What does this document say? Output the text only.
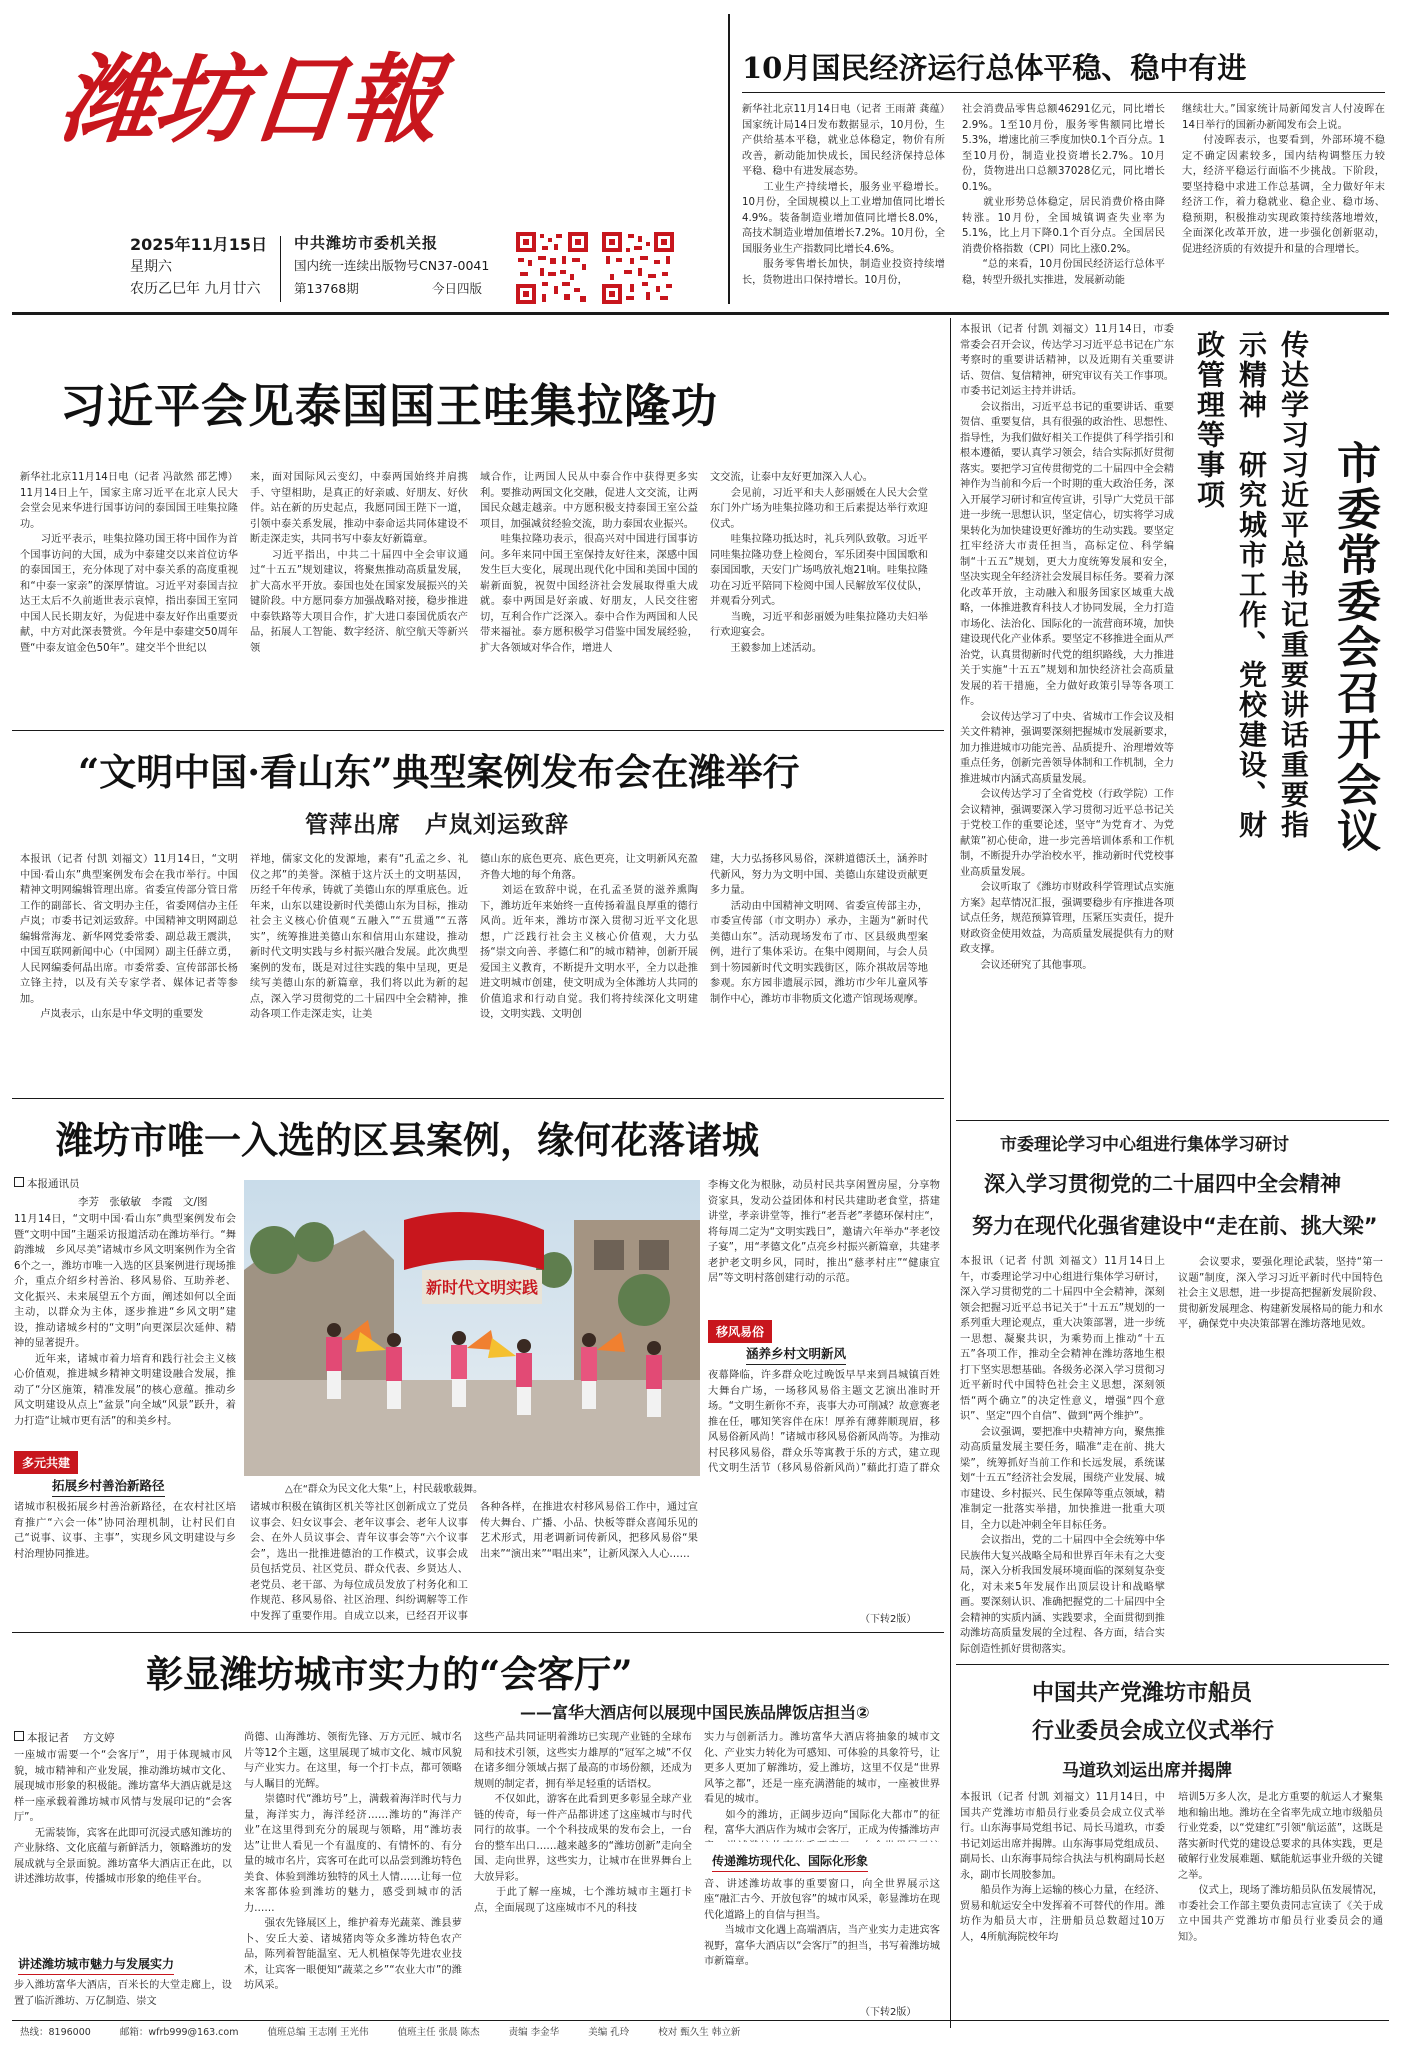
潍坊日報
2025年11月15日
星期六
农历乙巳年 九月廿六
中共潍坊市委机关报
国内统一连续出版物号CN37-0041
第13768期	今日四版
10月国民经济运行总体平稳、稳中有进
新华社北京11月14日电（记者 王雨萧 龚蕴）国家统计局14日发布数据显示，10月份，生产供给基本平稳，就业总体稳定，物价有所改善，新动能加快成长，国民经济保持总体平稳、稳中有进发展态势。
　　工业生产持续增长，服务业平稳增长。10月份，全国规模以上工业增加值同比增长4.9%。装备制造业增加值同比增长8.0%，高技术制造业增加值增长7.2%。10月份，全国服务业生产指数同比增长4.6%。
　　服务零售增长加快，制造业投资持续增长，货物进出口保持增长。10月份，
社会消费品零售总额46291亿元，同比增长2.9%。1至10月份，服务零售额同比增长5.3%，增速比前三季度加快0.1个百分点。1至10月份，制造业投资增长2.7%。10月份，货物进出口总额37028亿元，同比增长0.1%。
　　就业形势总体稳定，居民消费价格由降转涨。10月份，全国城镇调查失业率为5.1%，比上月下降0.1个百分点。全国居民消费价格指数（CPI）同比上涨0.2%。
　　“总的来看，10月份国民经济运行总体平稳，转型升级扎实推进，发展新动能
继续壮大。”国家统计局新闻发言人付凌晖在14日举行的国新办新闻发布会上说。
　　付凌晖表示，也要看到，外部环境不稳定不确定因素较多，国内结构调整压力较大，经济平稳运行面临不少挑战。下阶段，要坚持稳中求进工作总基调，全力做好年末经济工作，着力稳就业、稳企业、稳市场、稳预期，积极推动实现政策持续落地增效，全面深化改革开放，进一步强化创新驱动，促进经济质的有效提升和量的合理增长。
习近平会见泰国国王哇集拉隆功
新华社北京11月14日电（记者 冯歆然 邵艺博）11月14日上午，国家主席习近平在北京人民大会堂会见来华进行国事访问的泰国国王哇集拉隆功。
　　习近平表示，哇集拉隆功国王将中国作为首个国事访问的大国，成为中泰建交以来首位访华的泰国国王，充分体现了对中泰关系的高度重视和“中泰一家亲”的深厚情谊。习近平对泰国吉拉达王太后不久前逝世表示哀悼，指出泰国王室同中国人民长期友好，为促进中泰友好作出重要贡献，中方对此深表赞赏。今年是中泰建交50周年暨“中泰友谊金色50年”。建交半个世纪以
来，面对国际风云变幻，中泰两国始终并肩携手、守望相助，是真正的好亲戚、好朋友、好伙伴。站在新的历史起点，我愿同国王陛下一道，引领中泰关系发展，推动中泰命运共同体建设不断走深走实，共同书写中泰友好新篇章。
　　习近平指出，中共二十届四中全会审议通过“十五五”规划建议，将聚焦推动高质量发展，扩大高水平开放。泰国也处在国家发展振兴的关键阶段。中方愿同泰方加强战略对接，稳步推进中泰铁路等大项目合作，扩大进口泰国优质农产品，拓展人工智能、数字经济、航空航天等新兴领
域合作，让两国人民从中泰合作中获得更多实利。要推动两国文化交融，促进人文交流，让两国民众越走越亲。中方愿积极支持泰国王室公益项目，加强减贫经验交流，助力泰国农业振兴。
　　哇集拉隆功表示，很高兴对中国进行国事访问。多年来同中国王室保持友好往来，深感中国发生巨大变化，展现出现代化中国和美国中国的崭新面貌，祝贺中国经济社会发展取得重大成就。泰中两国是好亲戚、好朋友，人民交往密切，互利合作广泛深入。泰中合作为两国和人民带来福祉。泰方愿积极学习借鉴中国发展经验，扩大各领域对华合作，增进人
文交流，让泰中友好更加深入人心。
　　会见前，习近平和夫人彭丽媛在人民大会堂东门外广场为哇集拉隆功和王后素提达举行欢迎仪式。
　　哇集拉隆功抵达时，礼兵列队致敬。习近平同哇集拉隆功登上检阅台，军乐团奏中国国歌和泰国国歌，天安门广场鸣放礼炮21响。哇集拉隆功在习近平陪同下检阅中国人民解放军仪仗队，并观看分列式。
　　当晚，习近平和彭丽媛为哇集拉隆功夫妇举行欢迎宴会。
　　王毅参加上述活动。
“文明中国·看山东”典型案例发布会在潍举行
管萍出席　卢岚刘运致辞
本报讯（记者 付凯 刘福文）11月14日，“文明中国·看山东”典型案例发布会在我市举行。中国精神文明网编辑管理出席。省委宣传部分管日常工作的副部长、省文明办主任，省委网信办主任卢岚；市委书记刘运致辞。中国精神文明网副总编辑常海龙、新华网党委常委、副总裁王震洪，中国互联网新闻中心（中国网）副主任薛立勇，人民网编委何晶出席。市委常委、宣传部部长杨立锋主持，以及有关专家学者、媒体记者等参加。
　　卢岚表示，山东是中华文明的重要发
祥地，儒家文化的发源地，素有“孔孟之乡、礼仪之邦”的美誉。深植于这片沃土的文明基因，历经千年传承，铸就了美德山东的厚重底色。近年来，山东以建设新时代美德山东为目标，推动社会主义核心价值观“五融入”“五贯通”“五落实”，统筹推进美德山东和信用山东建设，推动新时代文明实践与乡村振兴融合发展。此次典型案例的发布，既是对过往实践的集中呈现，更是续写美德山东的新篇章，我们将以此为新的起点，深入学习贯彻党的二十届四中全会精神，推动各项工作走深走实，让美
德山东的底色更亮、底色更亮，让文明新风充盈齐鲁大地的每个角落。
　　刘运在致辞中说，在孔孟圣贤的滋养熏陶下，潍坊近年来始终一直传扬着温良厚重的德行风尚。近年来，潍坊市深入贯彻习近平文化思想，广泛践行社会主义核心价值观，大力弘扬“崇文向善、孝德仁和”的城市精神，创新开展爱国主义教育，不断提升文明水平，全力以赴推进文明城市创建，使文明成为全体潍坊人共同的价值追求和行动自觉。我们将持续深化文明建设，文明实践、文明创
建，大力弘扬移风易俗，深耕道德沃土，涵养时代新风，努力为文明中国、美德山东建设贡献更多力量。
　　活动由中国精神文明网、省委宣传部主办，市委宣传部（市文明办）承办，主题为“新时代美德山东”。活动现场发布了市、区县级典型案例，进行了集体采访。在集中阅期间，与会人员到十笏园新时代文明实践街区，陈介祺故居等地参观。东方园非遗展示园，潍坊市少年儿童风筝制作中心，潍坊市非物质文化遗产馆现场观摩。
潍坊市唯一入选的区县案例，缘何花落诸城
本报通讯员
李芳　张敏敏　李霞　文/图
11月14日，“文明中国·看山东”典型案例发布会暨“文明中国”主题采访报道活动在潍坊举行。“舞韵潍城　乡风尽美”诸城市乡风文明案例作为全省6个之一，潍坊市唯一入选的区县案例进行现场推介，重点介绍乡村善治、移风易俗、互助养老、文化振兴、未来展望五个方面，阐述如何以全面主动，以群众为主体，逐步推进“乡风文明”建设，推动诸城乡村的“文明”向更深层次延伸、精神的显著提升。
　　近年来，诸城市着力培育和践行社会主义核心价值观，推进城乡精神文明建设融合发展，推动了“分区施策，精准发展”的核心意蕴。推动乡风文明建设从点上“盆景”向全域“风景”跃升，着力打造“让城市更有活”的和美乡村。
多元共建
拓展乡村善治新路径
诸城市积极拓展乡村善治新路径，在农村社区培育推广“六会一体”协同治理机制，让村民们自己“说事、议事、主事”，实现乡风文明建设与乡村治理协同推进。
新时代文明实践
△在“群众为民文化大集”上，村民载歌载舞。
李梅文化为根脉，动员村民共享闲置房屋，分享物资家具，发动公益团体和村民共建助老食堂，搭建讲堂，孝亲讲堂等，推行“老吾老”孝德环保村庄“，将每周二定为“文明实践日”，邀请六年举办“孝老饺子宴”，用“孝德文化”点亮乡村振兴新篇章，共建孝老护老文明乡风，同时，推出“慈孝村庄”“健康宜居”等文明村落创建行动的示范。
移风易俗
涵养乡村文明新风
夜幕降临，许多群众吃过晚饭早早来到昌城镇百姓大舞台广场，一场移风易俗主题文艺演出准时开场。“文明生新你不弃，丧事大办可削减？故意赛老推在任，哪知笑容伴在床！厚养有薄葬顺现眉，移风易俗新风尚！”诸城市移风易俗新风尚等。为推动村民移风易俗，群众乐等寓教于乐的方式，建立现代文明生活节（移风易俗新风尚）”藉此打造了群众
诸城市积极在镇街区机关等社区创新成立了党员议事会、妇女议事会、老年议事会、老年人议事会、在外人员议事会、青年议事会等“六个议事会”，选出一批推进德治的工作模式，议事会成员包括党员、社区党员、群众代表、乡贤达人、老党员、老干部、为每位成员发放了村务化和工作规范、移风易俗、社区治理、纠纷调解等工作中发挥了重要作用。自成立以来，已经召开议事

各种各样，在推进农村移风易俗工作中，通过宣传大舞台、广播、小品、快板等群众喜闻乐见的艺术形式，用老调新词传新风，把移风易俗“果出来”“演出来”“唱出来”，让新风深入人心……
（下转2版）
彰显潍坊城市实力的“会客厅”
——富华大酒店何以展现中国民族品牌饭店担当②
本报记者 方文婷
一座城市需要一个“会客厅”，用于体现城市风貌，城市精神和产业发展，推动潍坊城市文化、展现城市形象的积极能。潍坊富华大酒店就是这样一座承载着潍坊城市风情与发展印记的“会客厅”。
　　无需装饰，宾客在此即可沉浸式感知潍坊的产业脉络、文化底蕴与新鲜活力，领略潍坊的发展成就与全景面貌。潍坊富华大酒店正在此，以讲述潍坊故事，传播城市形象的绝佳平台。
讲述潍坊城市魅力与发展实力
步入潍坊富华大酒店，百米长的大堂走廊上，设置了临沂潍坊、万亿制造、崇文
尚德、山海潍坊、领衔先锋、万方元匠、城市名片等12个主题，这里展现了城市文化、城市风貌与产业实力。在这里，每一个打卡点，都可领略与人瞩目的光辉。
　　崇德时代“潍坊号”上，满载着海洋时代与力量，海洋实力，海洋经济……潍坊的“海洋产业”在这里得到充分的展现与领略，用“潍坊表达”让世人看见一个有温度的、有情怀的、有分量的城市名片，宾客可在此可以品尝到潍坊特色美食、体验到潍坊独特的风土人情……让每一位来客都体验到潍坊的魅力，感受到城市的活力……
　　强农先锋展区上，维护着寿光蔬菜、潍县萝卜、安丘大姜、诸城猪肉等众多潍坊特色农产品，陈列着智能温室、无人机植保等先进农业技术，让宾客一眼便知“蔬菜之乡”“农业大市”的潍坊风采。
这些产品共同证明着潍坊已实现产业链的全球布局和技术引领，这些实力雄厚的“冠军之城”不仅在诸多细分领域占据了最高的市场份额，还成为规则的制定者，拥有举足轻重的话语权。
　　不仅如此，游客在此看到更多彰显全球产业链的传奇，每一件产品都讲述了这座城市与时代同行的故事。一个个科技成果的发布会上，一台台的整车出口……越来越多的“潍坊创新”走向全国、走向世界，这些实力，让城市在世界舞台上大放异彩。
　　于此了解一座城，七个潍坊城市主题打卡点，全面展现了这座城市不凡的科技
实力与创新活力。潍坊富华大酒店将抽象的城市文化、产业实力转化为可感知、可体验的具象符号，让更多人更加了解潍坊，爱上潍坊，这里不仅是“世界风筝之都”，还是一座充满潜能的城市，一座被世界看见的城市。
　　如今的潍坊，正阔步迈向“国际化大都市”的征程，富华大酒店作为城市会客厅，正成为传播潍坊声

传递潍坊现代化、国际化形象

　　音、讲述潍坊故事的重要窗口，向全世界展示这座“融汇古今、开放包容”的城市风采，彰显潍坊在现代化道路上的自信与担当。
　　当城市文化遇上高端酒店，当产业实力走进宾客视野，富华大酒店以“会客厅”的担当，书写着潍坊城市新篇章。
（下转2版）
本报讯（记者 付凯 刘福文）11月14日，市委常委会召开会议，传达学习习近平总书记在广东考察时的重要讲话精神，以及近期有关重要讲话、贺信、复信精神，研究审议有关工作事项。市委书记刘运主持并讲话。
　　会议指出，习近平总书记的重要讲话、重要贺信、重要复信，具有很强的政治性、思想性、指导性，为我们做好相关工作提供了科学指引和根本遵循，要认真学习领会，结合实际抓好贯彻落实。要把学习宣传贯彻党的二十届四中全会精神作为当前和今后一个时期的重大政治任务，深入开展学习研讨和宣传宣讲，引导广大党员干部进一步统一思想认识，坚定信心，切实将学习成果转化为加快建设更好潍坊的生动实践。要坚定扛牢经济大市责任担当，高标定位、科学编制“十五五”规划，更大力度统筹发展和安全，坚决实现全年经济社会发展目标任务。要着力深化改革开放，主动融入和服务国家区域重大战略，一体推进教育科技人才协同发展，全力打造市场化、法治化、国际化的一流营商环境，加快建设现代化产业体系。要坚定不移推进全面从严治党，认真贯彻新时代党的组织路线，大力推进关于实施“十五五”规划和加快经济社会高质量发展的若干措施，全力做好政策引导等各项工作。
　　会议传达学习了中央、省城市工作会议及相关文件精神，强调要深刻把握城市发展新要求，加力推进城市功能完善、品质提升、治理增效等重点任务，创新完善领导体制和工作机制，全力推进城市内涵式高质量发展。
　　会议传达学习了全省党校（行政学院）工作会议精神，强调要深入学习贯彻习近平总书记关于党校工作的重要论述，坚守“为党育才、为党献策”初心使命，进一步完善培训体系和工作机制，不断提升办学治校水平，推动新时代党校事业高质量发展。
　　会议听取了《潍坊市财政科学管理试点实施方案》起草情况汇报，强调要稳步有序推进各项试点任务，规范预算管理，压紧压实责任，提升财政资金使用效益，为高质量发展提供有力的财政支撑。
　　会议还研究了其他事项。
市委常委会召开会议
传达学习习近平总书记重要讲话重要指示精神　研究城市工作、党校建设、财政管理等事项
市委理论学习中心组进行集体学习研讨
深入学习贯彻党的二十届四中全会精神
努力在现代化强省建设中“走在前、挑大梁”
本报讯（记者 付凯 刘福文）11月14日上午，市委理论学习中心组进行集体学习研讨，深入学习贯彻党的二十届四中全会精神，深刻领会把握习近平总书记关于“十五五”规划的一系列重大理论观点，重大决策部署，进一步统一思想、凝聚共识，为乘势而上推动“十五五”各项工作，推动全会精神在潍坊落地生根打下坚实思想基础。各级务必深入学习贯彻习近平新时代中国特色社会主义思想，深刻领悟“两个确立”的决定性意义，增强“四个意识”、坚定“四个自信”、做到“两个维护”。
　　会议强调，要把准中央精神方向，聚焦推动高质量发展主要任务，瞄准“走在前、挑大梁”，统筹抓好当前工作和长远发展，系统谋划“十五五”经济社会发展，围绕产业发展、城市建设、乡村振兴、民生保障等重点领域，精准制定一批落实举措，加快推进一批重大项目，全力以赴冲刺全年目标任务。
　　会议指出，党的二十届四中全会统筹中华民族伟大复兴战略全局和世界百年未有之大变局，深入分析我国发展环境面临的深刻复杂变化，对未来5年发展作出顶层设计和战略擘画。要深刻认识、准确把握党的二十届四中全会精神的实质内涵、实践要求，全面贯彻到推动潍坊高质量发展的全过程、各方面，结合实际创造性抓好贯彻落实。

　　会议要求，要强化理论武装，坚持“第一议题”制度，深入学习习近平新时代中国特色社会主义思想，进一步提高把握新发展阶段、贯彻新发展理念、构建新发展格局的能力和水平，确保党中央决策部署在潍坊落地见效。
中国共产党潍坊市船员
行业委员会成立仪式举行
马道玖刘运出席并揭牌
本报讯（记者 付凯 刘福文）11月14日，中国共产党潍坊市船员行业委员会成立仪式举行。山东海事局党组书记、局长马道玖，市委书记刘运出席并揭牌。山东海事局党组成员、副局长、山东海事局综合执法与机构副局长赵永，副市长周胶参加。
　　船员作为海上运输的核心力量，在经济、贸易和航运安全中发挥着不可替代的作用。潍坊作为船员大市，注册船员总数超过10万人，4所航海院校年均
培训5万多人次，是北方重要的航运人才聚集地和输出地。潍坊在全省率先成立地市级船员行业党委，以“党建红”引领“航运蓝”，这既是落实新时代党的建设总要求的具体实践，更是破解行业发展难题、赋能航运事业升级的关键之举。
　　仪式上，现场了潍坊船员队伍发展情况，市委社会工作部主要负责同志宣读了《关于成立中国共产党潍坊市船员行业委员会的通知》。
热线：8196000	邮箱：wfrb999@163.com	值班总编 王志刚 王光伟	值班主任 张晨 陈杰	责编 李金华	美编 孔玲	校对 甄久生 韩立新
